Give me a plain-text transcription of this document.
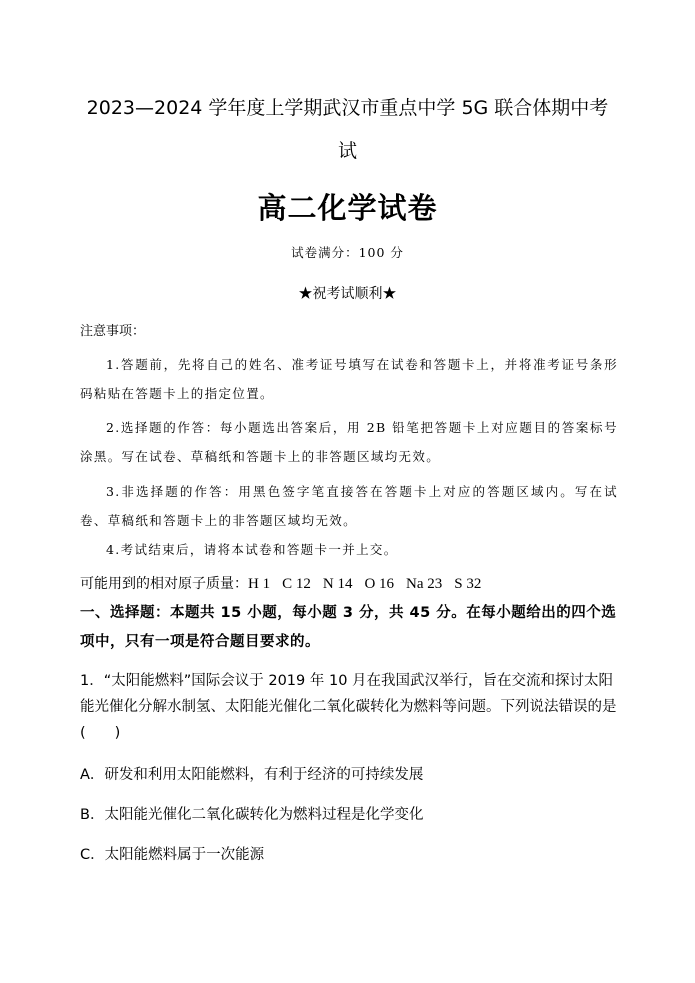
2023—2024 学年度上学期武汉市重点中学 5G 联合体期中考
试
高二化学试卷
试卷满分：100 分
★祝考试顺利★
注意事项：
1.答题前，先将自己的姓名、准考证号填写在试卷和答题卡上，并将准考证号条形码粘贴在答题卡上的指定位置。
2.选择题的作答：每小题选出答案后，用 2B 铅笔把答题卡上对应题目的答案标号涂黑。写在试卷、草稿纸和答题卡上的非答题区域均无效。
3.非选择题的作答：用黑色签字笔直接答在答题卡上对应的答题区域内。写在试卷、草稿纸和答题卡上的非答题区域均无效。
4.考试结束后，请将本试卷和答题卡一并上交。
可能用到的相对原子质量：H 1 C 12 N 14 O 16 Na 23 S 32
一、选择题：本题共 15 小题，每小题 3 分，共 45 分。在每小题给出的四个选项中，只有一项是符合题目要求的。
1．“太阳能燃料”国际会议于 2019 年 10 月在我国武汉举行，旨在交流和探讨太阳能光催化分解水制氢、太阳能光催化二氧化碳转化为燃料等问题。下列说法错误的是
(　　)
A．研发和利用太阳能燃料，有利于经济的可持续发展
B．太阳能光催化二氧化碳转化为燃料过程是化学变化
C．太阳能燃料属于一次能源
